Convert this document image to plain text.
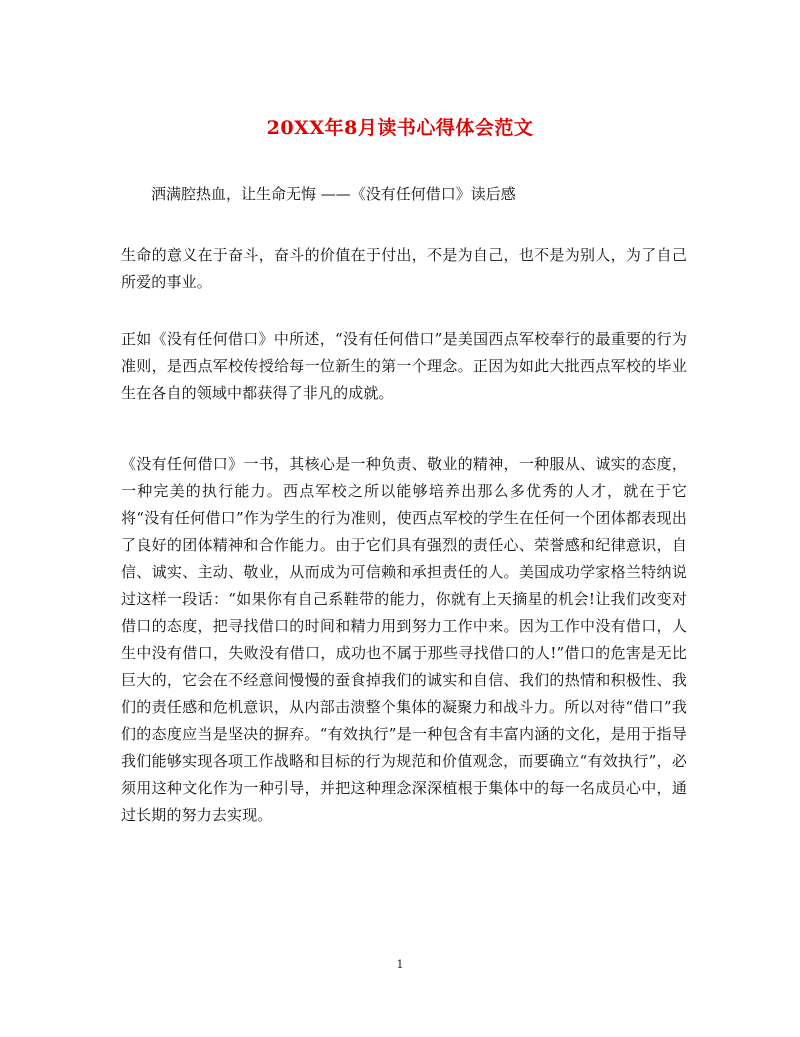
20XX年8月读书心得体会范文
洒满腔热血，让生命无悔 ——《没有任何借口》读后感
生命的意义在于奋斗，奋斗的价值在于付出，不是为自己，也不是为别人，为了自己所爱的事业。
正如《没有任何借口》中所述，“没有任何借口”是美国西点军校奉行的最重要的行为准则，是西点军校传授给每一位新生的第一个理念。正因为如此大批西点军校的毕业生在各自的领域中都获得了非凡的成就。
《没有任何借口》一书，其核心是一种负责、敬业的精神，一种服从、诚实的态度，一种完美的执行能力。西点军校之所以能够培养出那么多优秀的人才，就在于它将“没有任何借口”作为学生的行为准则，使西点军校的学生在任何一个团体都表现出了良好的团体精神和合作能力。由于它们具有强烈的责任心、荣誉感和纪律意识，自信、诚实、主动、敬业，从而成为可信赖和承担责任的人。美国成功学家格兰特纳说过这样一段话：“如果你有自己系鞋带的能力，你就有上天摘星的机会!让我们改变对借口的态度，把寻找借口的时间和精力用到努力工作中来。因为工作中没有借口，人生中没有借口，失败没有借口，成功也不属于那些寻找借口的人!”借口的危害是无比巨大的，它会在不经意间慢慢的蚕食掉我们的诚实和自信、我们的热情和积极性、我们的责任感和危机意识，从内部击溃整个集体的凝聚力和战斗力。所以对待“借口”我们的态度应当是坚决的摒弃。“有效执行”是一种包含有丰富内涵的文化，是用于指导我们能够实现各项工作战略和目标的行为规范和价值观念，而要确立“有效执行”，必须用这种文化作为一种引导，并把这种理念深深植根于集体中的每一名成员心中，通过长期的努力去实现。
1
